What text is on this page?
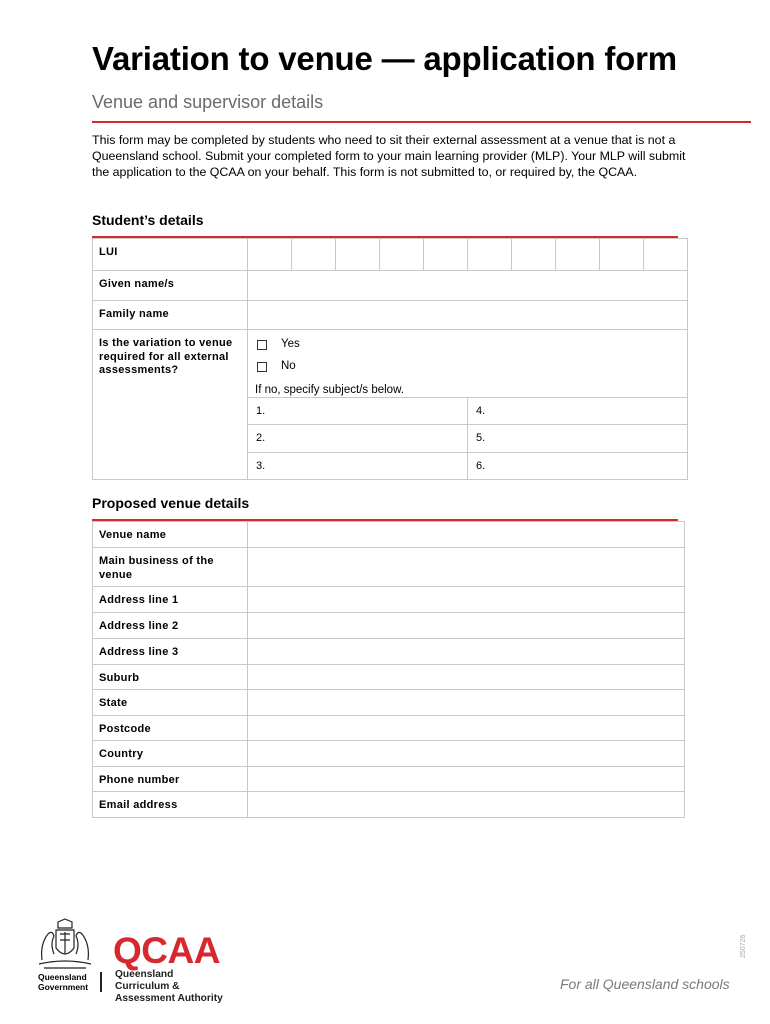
Variation to venue — application form
Venue and supervisor details

This form may be completed by students who need to sit their external assessment at a venue that is not a Queensland school. Submit your completed form to your main learning provider (MLP). Your MLP will submit the application to the QCAA on your behalf. This form is not submitted to, or required by, the QCAA.

Student’s details
LUI										
Given name/s										
Family name										
Is the variation to venue required for all external assessments?	Yes
No
If no, specify subject/s below.									

	1.					4.				
	2.					5.				
	3.					6.				
Proposed venue details
Venue name	
Main business of the venue	
Address line 1	
Address line 2	
Address line 3	
Suburb	
State	
Postcode	
Country	
Phone number	
Email address	
Queensland Government
QCAA
Queensland Curriculum & Assessment Authority
For all Queensland schools
250726
